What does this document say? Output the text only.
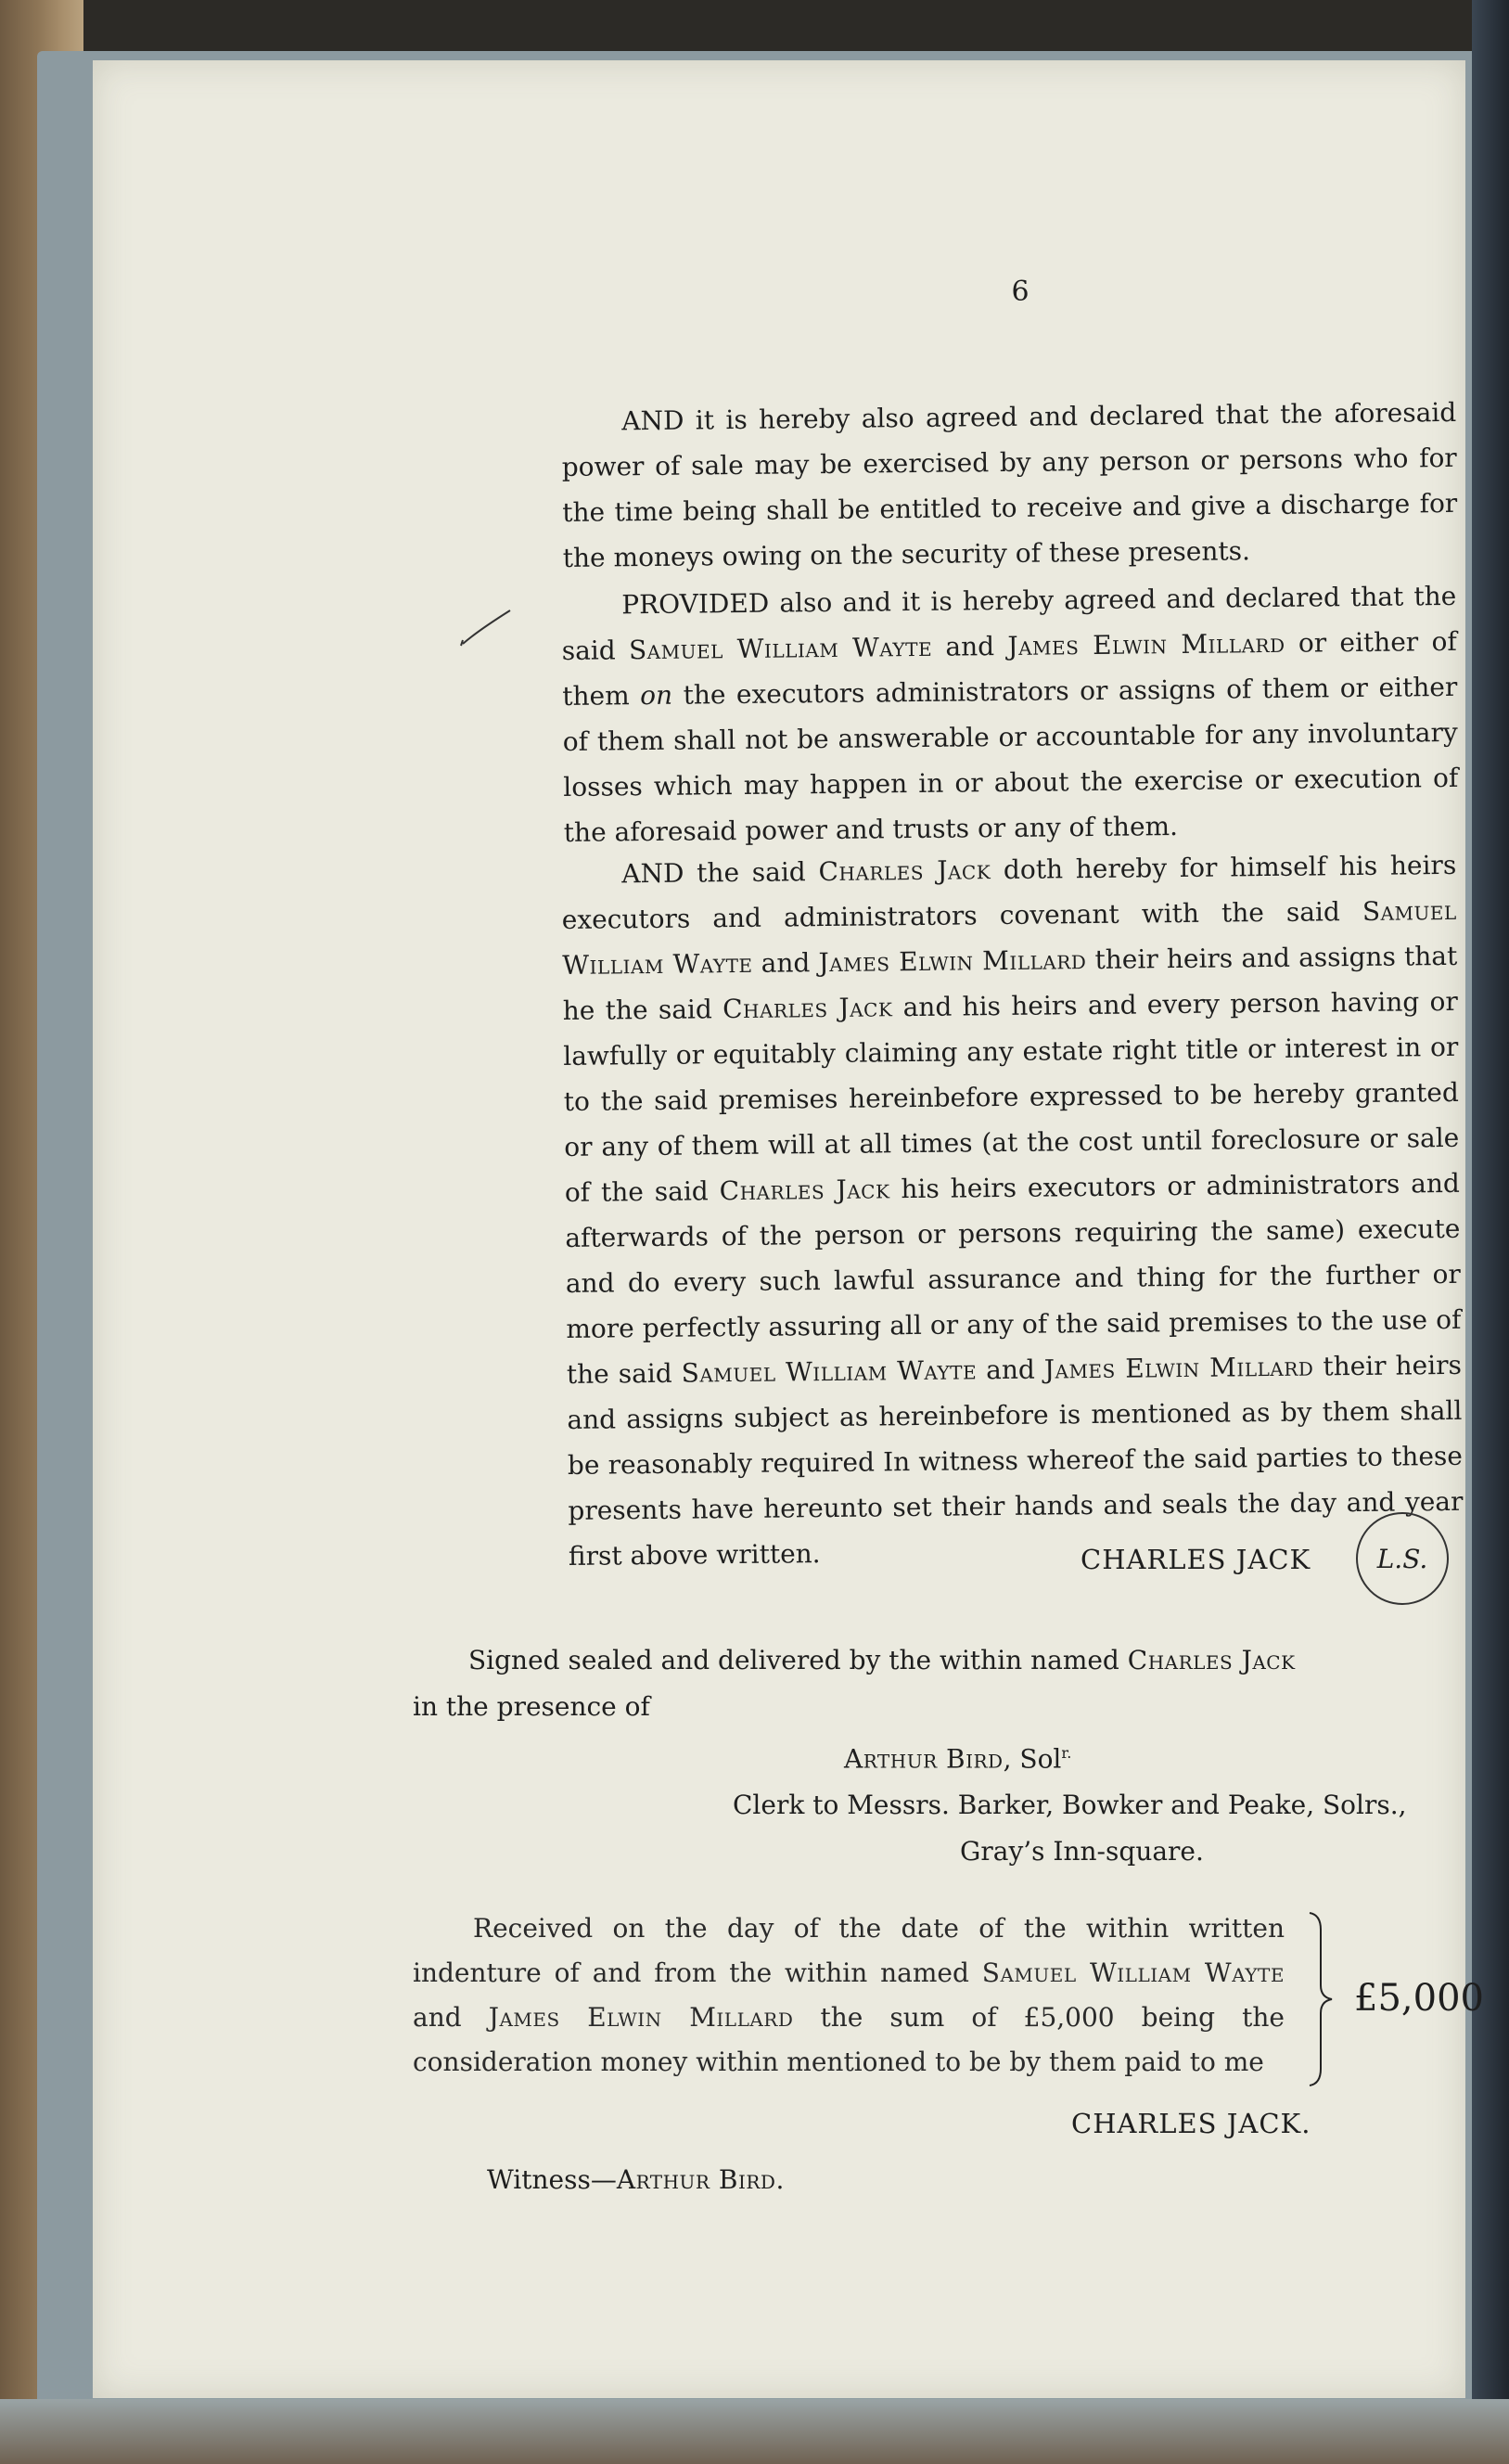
6

AND it is hereby also agreed and declared that the aforesaid power of sale may be exercised by any person or persons who for the time being shall be entitled to receive and give a discharge for the moneys owing on the security of these presents.

PROVIDED also and it is hereby agreed and declared that the said Samuel William Wayte and James Elwin Millard or either of them on the executors administrators or assigns of them or either of them shall not be answerable or accountable for any involuntary losses which may happen in or about the exercise or execution of the aforesaid power and trusts or any of them.

AND the said Charles Jack doth hereby for himself his heirs executors and administrators covenant with the said Samuel William Wayte and James Elwin Millard their heirs and assigns that he the said Charles Jack and his heirs and every person having or lawfully or equitably claiming any estate right title or interest in or to the said premises hereinbefore expressed to be hereby granted or any of them will at all times (at the cost until foreclosure or sale of the said Charles Jack his heirs executors or administrators and afterwards of the person or persons requiring the same) execute and do every such lawful assurance and thing for the further or more perfectly assuring all or any of the said premises to the use of the said Samuel William Wayte and James Elwin Millard their heirs and assigns subject as hereinbefore is mentioned as by them shall be reasonably required In witness whereof the said parties to these presents have hereunto set their hands and seals the day and year first above written.	CHARLES JACK	L.S.
Signed sealed and delivered by the within named Charles Jack
in the presence of
Arthur Bird, Sol$^{r.}$
Clerk to Messrs. Barker, Bowker and Peake, Solrs.,
Gray’s Inn-square.

Received on the day of the date of the within written indenture of and from the within named Samuel William Wayte and James Elwin Millard the sum of £5,000 being the consideration money within mentioned to be by them paid to me

£5,000
CHARLES JACK.
Witness—Arthur Bird.
